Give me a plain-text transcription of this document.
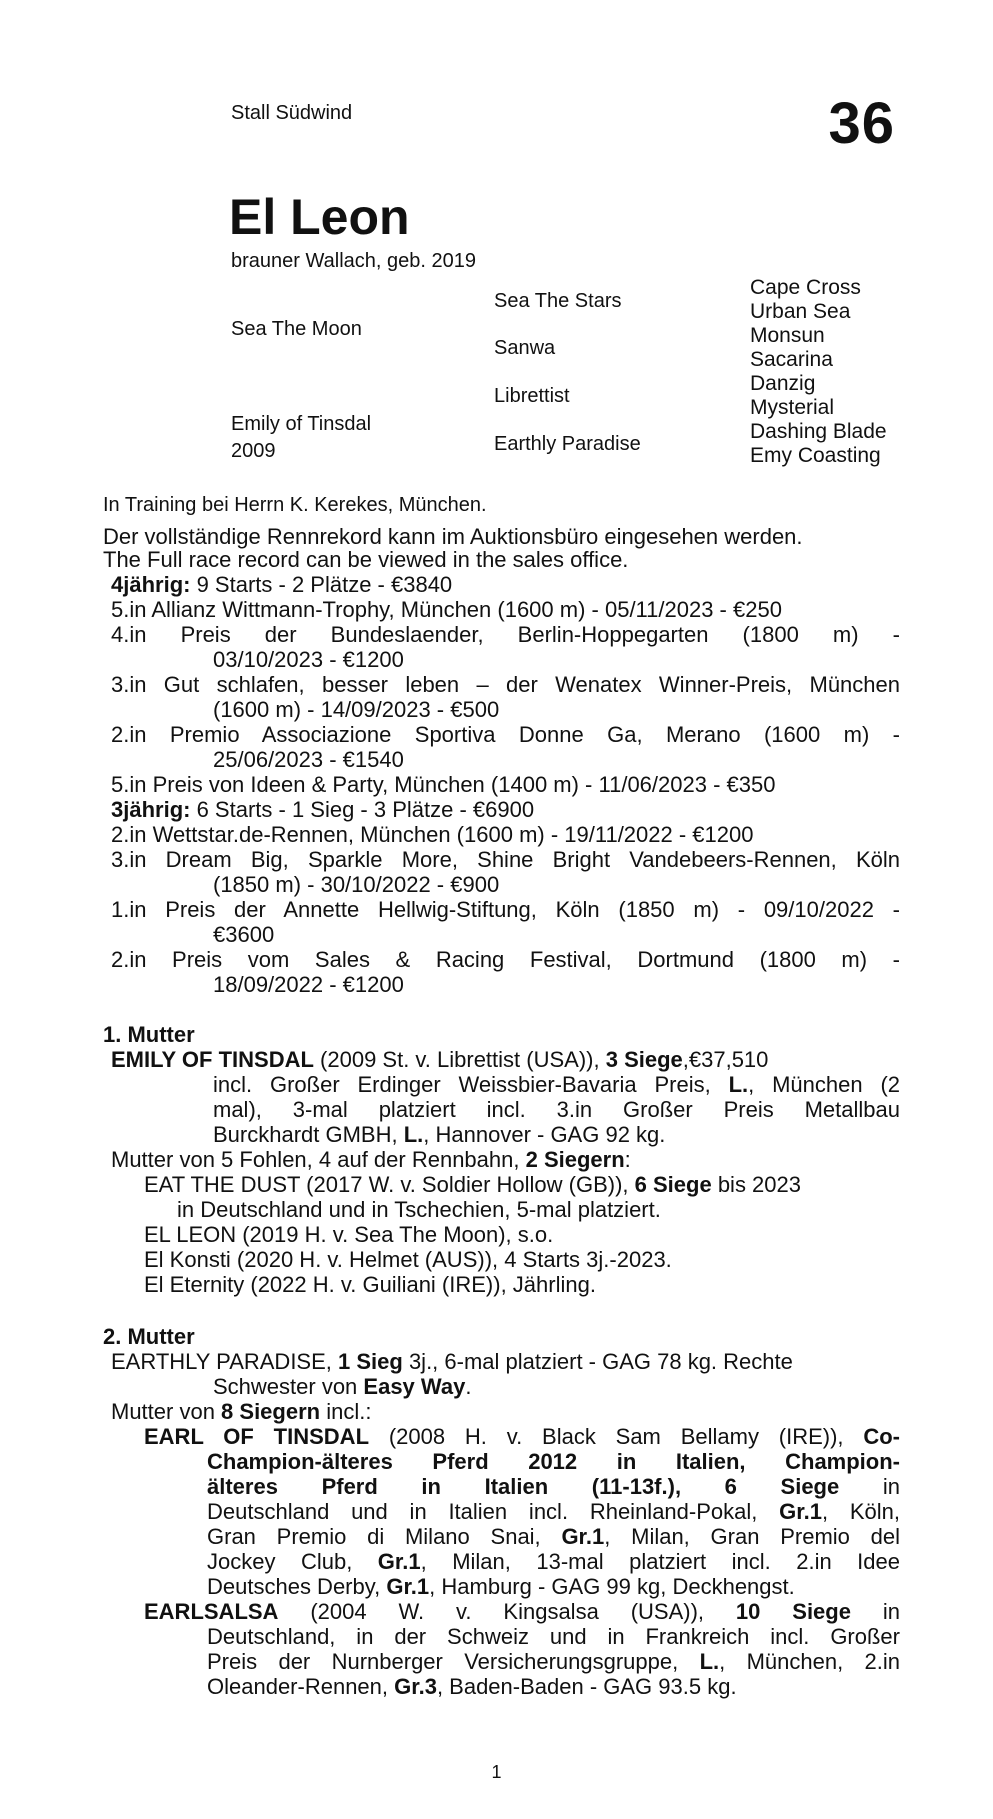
Stall Südwind	36
El Leon
brauner Wallach, geb. 2019
Sea The Moon
Emily of Tinsdal
2009
Sea The Stars
Sanwa
Librettist
Earthly Paradise
Cape Cross
Urban Sea
Monsun
Sacarina
Danzig
Mysterial
Dashing Blade
Emy Coasting
In Training bei Herrn K. Kerekes, München.
Der vollständige Rennrekord kann im Auktionsbüro eingesehen werden.
The Full race record can be viewed in the sales office.
4jährig: 9 Starts - 2 Plätze - €3840
5.in Allianz Wittmann-Trophy, München (1600 m) - 05/11/2023 - €250
4.in Preis der Bundeslaender, Berlin-Hoppegarten (1800 m) -
03/10/2023 - €1200
3.in Gut schlafen, besser leben – der Wenatex Winner-Preis, München
(1600 m) - 14/09/2023 - €500
2.in Premio Associazione Sportiva Donne Ga, Merano (1600 m) -
25/06/2023 - €1540
5.in Preis von Ideen & Party, München (1400 m) - 11/06/2023 - €350
3jährig: 6 Starts - 1 Sieg - 3 Plätze - €6900
2.in Wettstar.de-Rennen, München (1600 m) - 19/11/2022 - €1200
3.in Dream Big, Sparkle More, Shine Bright Vandebeers-Rennen, Köln
(1850 m) - 30/10/2022 - €900
1.in Preis der Annette Hellwig-Stiftung, Köln (1850 m) - 09/10/2022 -
€3600
2.in Preis vom Sales & Racing Festival, Dortmund (1800 m) -
18/09/2022 - €1200
1. Mutter
EMILY OF TINSDAL (2009 St. v. Librettist (USA)), 3 Siege,€37,510
incl. Großer Erdinger Weissbier-Bavaria Preis, L., München (2
mal), 3-mal platziert incl. 3.in Großer Preis Metallbau
Burckhardt GMBH, L., Hannover - GAG 92 kg.
Mutter von 5 Fohlen, 4 auf der Rennbahn, 2 Siegern:
EAT THE DUST (2017 W. v. Soldier Hollow (GB)), 6 Siege bis 2023
in Deutschland und in Tschechien, 5-mal platziert.
EL LEON (2019 H. v. Sea The Moon), s.o.
El Konsti (2020 H. v. Helmet (AUS)), 4 Starts 3j.-2023.
El Eternity (2022 H. v. Guiliani (IRE)), Jährling.
2. Mutter
EARTHLY PARADISE, 1 Sieg 3j., 6-mal platziert - GAG 78 kg. Rechte
Schwester von Easy Way.
Mutter von 8 Siegern incl.:
EARL OF TINSDAL (2008 H. v. Black Sam Bellamy (IRE)), Co-
Champion-älteres Pferd 2012 in Italien, Champion-
älteres Pferd in Italien (11-13f.), 6 Siege in
Deutschland und in Italien incl. Rheinland-Pokal, Gr.1, Köln,
Gran Premio di Milano Snai, Gr.1, Milan, Gran Premio del
Jockey Club, Gr.1, Milan, 13-mal platziert incl. 2.in Idee
Deutsches Derby, Gr.1, Hamburg - GAG 99 kg, Deckhengst.
EARLSALSA (2004 W. v. Kingsalsa (USA)), 10 Siege in
Deutschland, in der Schweiz und in Frankreich incl. Großer
Preis der Nurnberger Versicherungsgruppe, L., München, 2.in
Oleander-Rennen, Gr.3, Baden-Baden - GAG 93.5 kg.
1
